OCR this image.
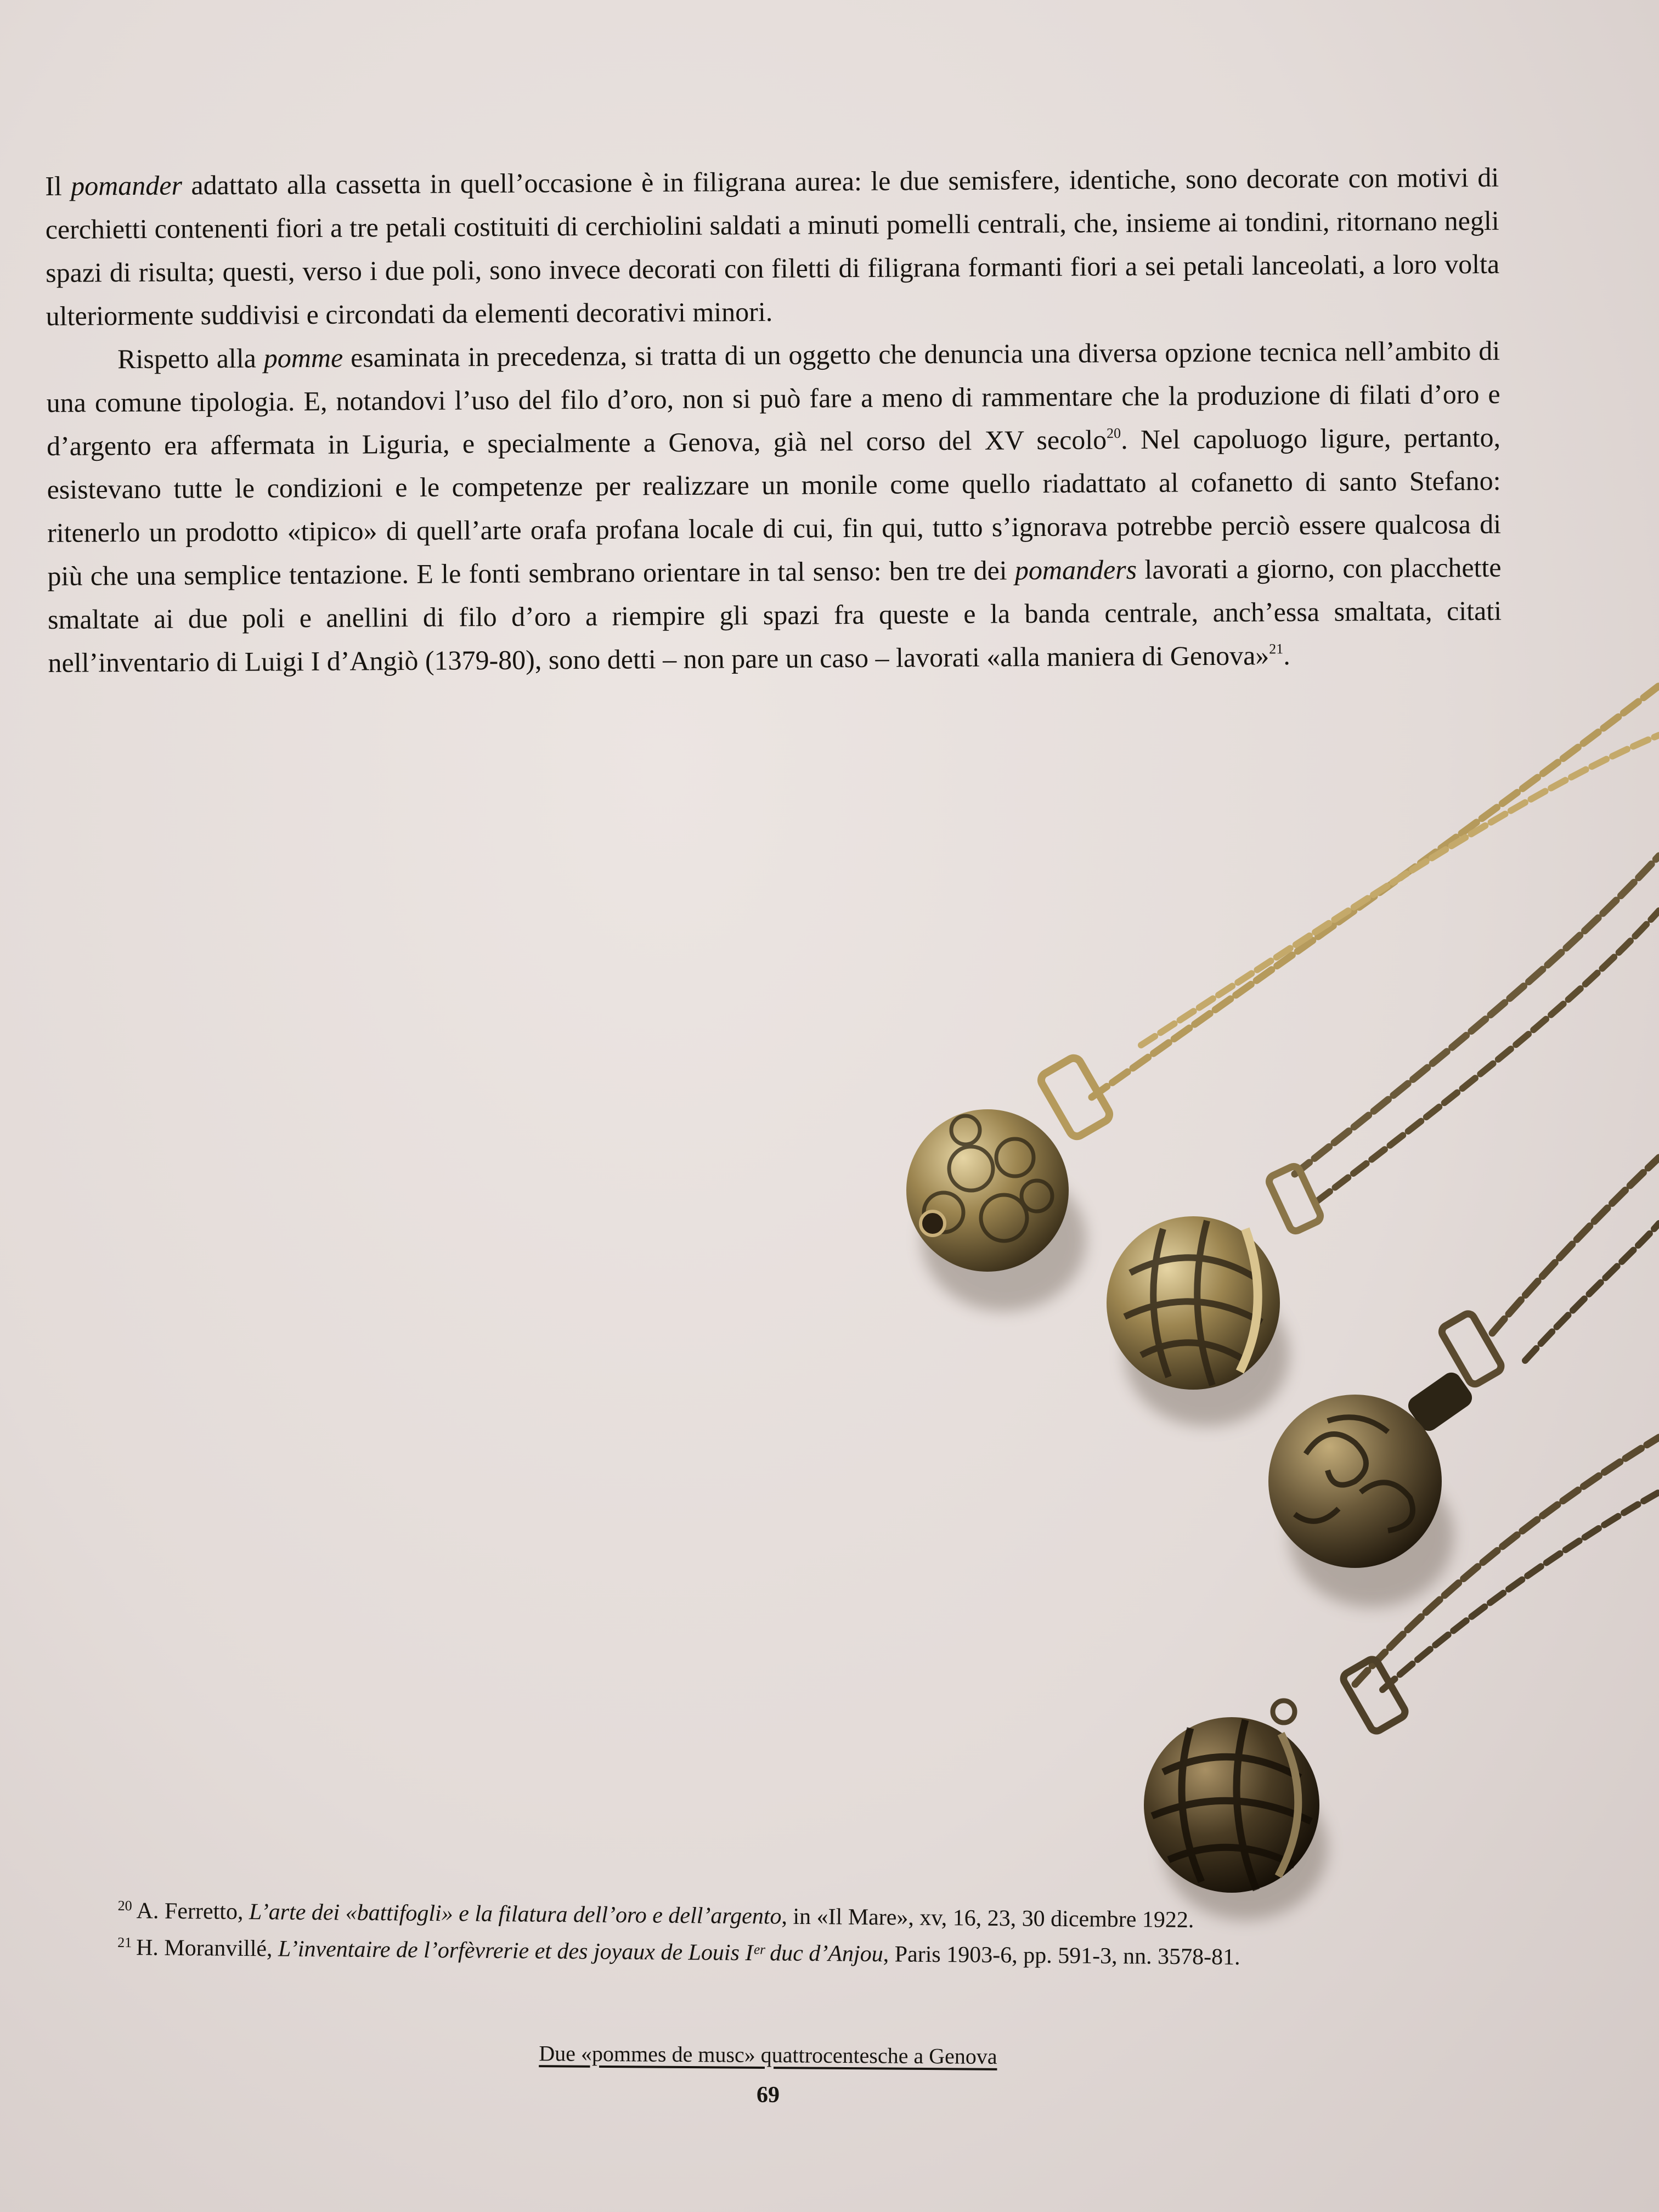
Il pomander adattato alla cassetta in quell’occasione è in filigrana aurea: le due semisfere, identiche, sono decorate con motivi di cerchietti contenenti fiori a tre petali costituiti di cerchiolini saldati a minuti pomelli centrali, che, insieme ai tondini, ritornano negli spazi di risulta; questi, verso i due poli, sono invece decorati con filetti di filigrana formanti fiori a sei petali lanceolati, a loro volta ulteriormente suddivisi e circondati da elementi decorativi minori.

Rispetto alla pomme esaminata in precedenza, si tratta di un oggetto che denuncia una diversa opzione tecnica nell’ambito di una comune tipologia. E, notandovi l’uso del filo d’oro, non si può fare a meno di rammentare che la produzione di filati d’oro e d’argento era affermata in Liguria, e specialmente a Genova, già nel corso del XV secolo$^{20}$. Nel capoluogo ligure, pertanto, esistevano tutte le condizioni e le competenze per realizzare un monile come quello riadattato al cofanetto di santo Stefano: ritenerlo un prodotto «tipico» di quell’arte orafa profana locale di cui, fin qui, tutto s’ignorava potrebbe perciò essere qualcosa di più che una semplice tentazione. E le fonti sembrano orientare in tal senso: ben tre dei pomanders lavorati a giorno, con placchette smaltate ai due poli e anellini di filo d’oro a riempire gli spazi fra queste e la banda centrale, anch’essa smaltata, citati nell’inventario di Luigi I d’Angiò (1379-80), sono detti – non pare un caso – lavorati «alla maniera di Genova»$^{21}$.

$^{20}$ A. Ferretto, L’arte dei «battifogli» e la filatura dell’oro e dell’argento, in «Il Mare», xv, 16, 23, 30 dicembre 1922.
$^{21}$ H. Moranvillé, L’inventaire de l’orfèvrerie et des joyaux de Louis Iᵉʳ duc d’Anjou, Paris 1903-6, pp. 591-3, nn. 3578-81.
Due «pommes de musc» quattrocentesche a Genova
69
